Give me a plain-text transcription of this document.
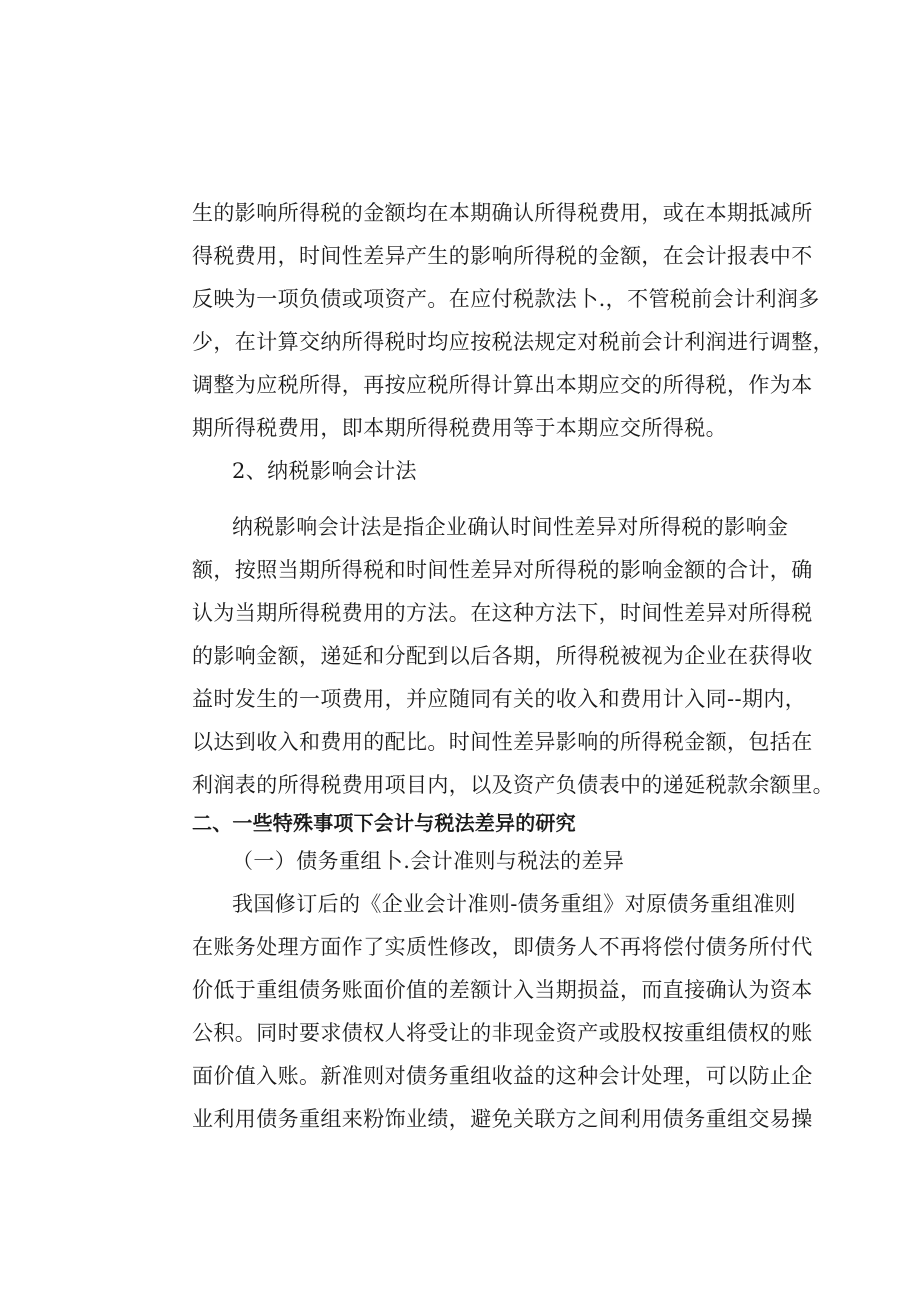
生的影响所得税的金额均在本期确认所得税费用，或在本期抵减所
得税费用，时间性差异产生的影响所得税的金额，在会计报表中不
反映为一项负债或项资产。在应付税款法卜.，不管税前会计利润多
少，在计算交纳所得税时均应按税法规定对税前会计利润进行调整，
调整为应税所得，再按应税所得计算出本期应交的所得税，作为本
期所得税费用，即本期所得税费用等于本期应交所得税。
2、纳税影响会计法
纳税影响会计法是指企业确认时间性差异对所得税的影响金
额，按照当期所得税和时间性差异对所得税的影响金额的合计，确
认为当期所得税费用的方法。在这种方法下，时间性差异对所得税
的影响金额，递延和分配到以后各期，所得税被视为企业在获得收
益时发生的一项费用，并应随同有关的收入和费用计入同--期内，
以达到收入和费用的配比。时间性差异影响的所得税金额，包括在
利润表的所得税费用项目内，以及资产负债表中的递延税款余额里。
二、一些特殊事项下会计与税法差异的研究
（一）债务重组卜.会计准则与税法的差异
我国修订后的《企业会计准则-债务重组》对原债务重组准则
在账务处理方面作了实质性修改，即债务人不再将偿付债务所付代
价低于重组债务账面价值的差额计入当期损益，而直接确认为资本
公积。同时要求债权人将受让的非现金资产或股权按重组债权的账
面价值入账。新准则对债务重组收益的这种会计处理，可以防止企
业利用债务重组来粉饰业绩，避免关联方之间利用债务重组交易操
